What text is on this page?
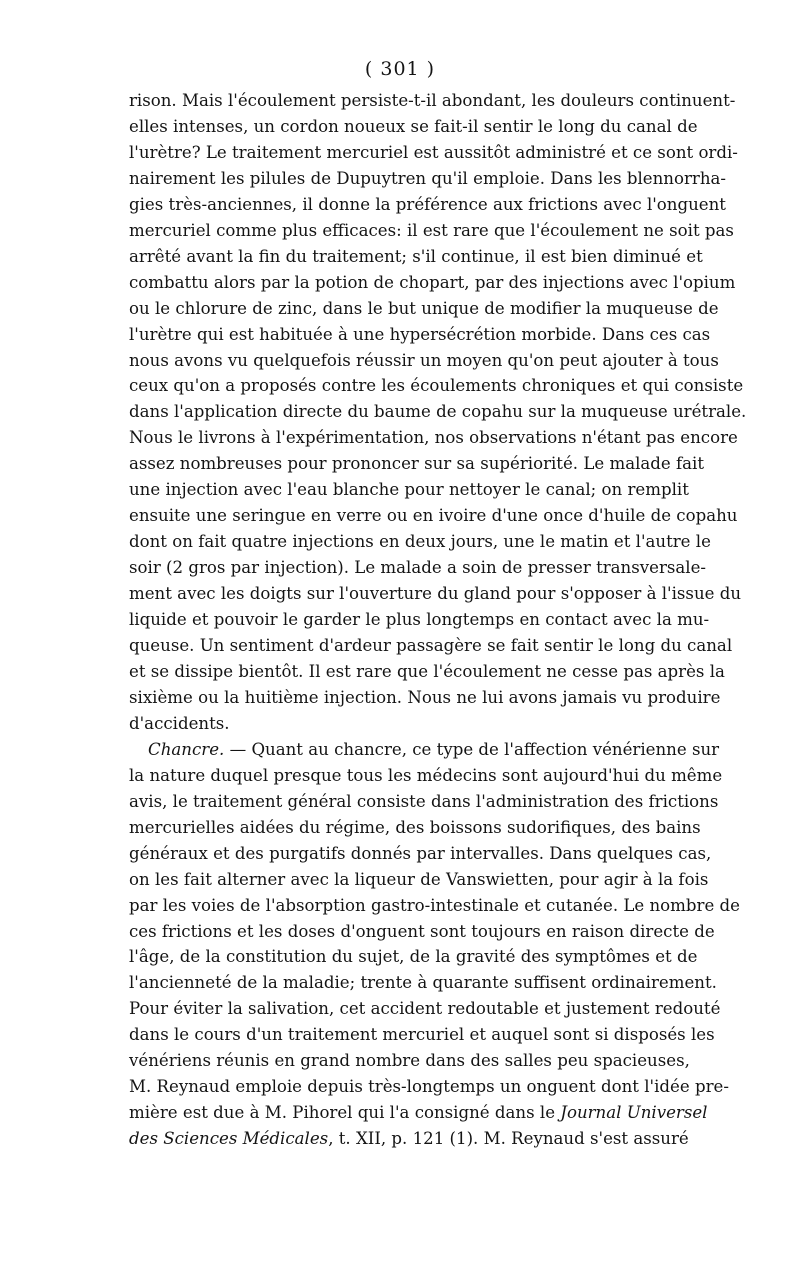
( 301 )
rison. Mais l'écoulement persiste-t-il abondant, les douleurs continuent-
elles intenses, un cordon noueux se fait-il sentir le long du canal de
l'urètre? Le traitement mercuriel est aussitôt administré et ce sont ordi-
nairement les pilules de Dupuytren qu'il emploie. Dans les blennorrha-
gies très-anciennes, il donne la préférence aux frictions avec l'onguent
mercuriel comme plus efficaces: il est rare que l'écoulement ne soit pas
arrêté avant la fin du traitement; s'il continue, il est bien diminué et
combattu alors par la potion de chopart, par des injections avec l'opium
ou le chlorure de zinc, dans le but unique de modifier la muqueuse de
l'urètre qui est habituée à une hypersécrétion morbide. Dans ces cas
nous avons vu quelquefois réussir un moyen qu'on peut ajouter à tous
ceux qu'on a proposés contre les écoulements chroniques et qui consiste
dans l'application directe du baume de copahu sur la muqueuse urétrale.
Nous le livrons à l'expérimentation, nos observations n'étant pas encore
assez nombreuses pour prononcer sur sa supériorité. Le malade fait
une injection avec l'eau blanche pour nettoyer le canal; on remplit
ensuite une seringue en verre ou en ivoire d'une once d'huile de copahu
dont on fait quatre injections en deux jours, une le matin et l'autre le
soir (2 gros par injection). Le malade a soin de presser transversale-
ment avec les doigts sur l'ouverture du gland pour s'opposer à l'issue du
liquide et pouvoir le garder le plus longtemps en contact avec la mu-
queuse. Un sentiment d'ardeur passagère se fait sentir le long du canal
et se dissipe bientôt. Il est rare que l'écoulement ne cesse pas après la
sixième ou la huitième injection. Nous ne lui avons jamais vu produire
d'accidents.
Chancre. — Quant au chancre, ce type de l'affection vénérienne sur
la nature duquel presque tous les médecins sont aujourd'hui du même
avis, le traitement général consiste dans l'administration des frictions
mercurielles aidées du régime, des boissons sudorifiques, des bains
généraux et des purgatifs donnés par intervalles. Dans quelques cas,
on les fait alterner avec la liqueur de Vanswietten, pour agir à la fois
par les voies de l'absorption gastro-intestinale et cutanée. Le nombre de
ces frictions et les doses d'onguent sont toujours en raison directe de
l'âge, de la constitution du sujet, de la gravité des symptômes et de
l'ancienneté de la maladie; trente à quarante suffisent ordinairement.
Pour éviter la salivation, cet accident redoutable et justement redouté
dans le cours d'un traitement mercuriel et auquel sont si disposés les
vénériens réunis en grand nombre dans des salles peu spacieuses,
M. Reynaud emploie depuis très-longtemps un onguent dont l'idée pre-
mière est due à M. Pihorel qui l'a consigné dans le Journal Universel
des Sciences Médicales, t. XII, p. 121 (1). M. Reynaud s'est assuré
